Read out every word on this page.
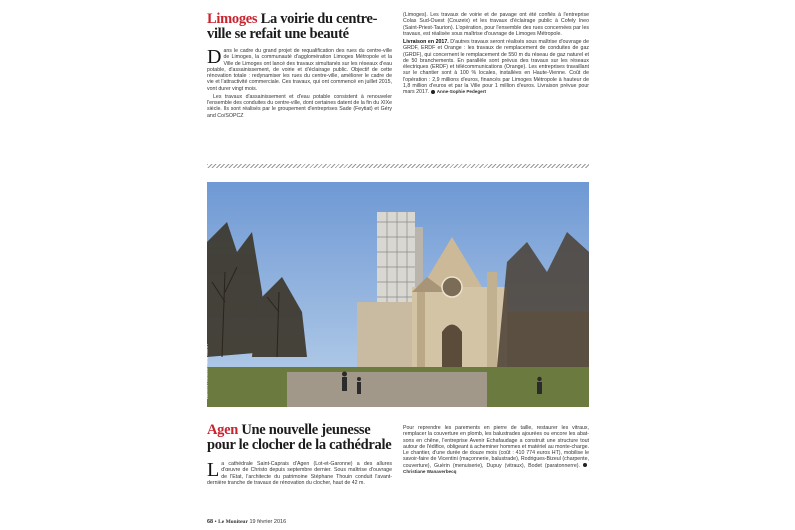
Limoges La voirie du centre-ville se refait une beauté

Dans le cadre du grand projet de requalification des rues du centre-ville de Limoges, la communauté d'agglomération Limoges Métropole et la Ville de Limoges ont lancé des travaux simultanés sur les réseaux d'eau potable, d'assainissement, de voirie et d'éclairage public. Objectif de cette rénovation totale : redynamiser les rues du centre-ville, améliorer le cadre de vie et l'attractivité commerciale. Ces travaux, qui ont commencé en juillet 2015, vont durer vingt mois.

Les travaux d'assainissement et d'eau potable consistent à renouveler l'ensemble des conduites du centre-ville, dont certaines datent de la fin du XIXe siècle. Ils sont réalisés par le groupement d'entreprises Sade (Feytiat) et Géry and Co/SOPCZ

(Limoges). Les travaux de voirie et de pavage ont été confiés à l'entreprise Colas Sud-Ouest (Couzeix) et les travaux d'éclairage public à Cofely Ineo (Saint-Priest-Taurion). L'opération, pour l'ensemble des rues concernées par les travaux, est réalisée sous maîtrise d'ouvrage de Limoges Métropole.

Livraison en 2017. D'autres travaux seront réalisés sous maîtrise d'ouvrage de GRDF, ERDF et Orange : les travaux de remplacement de conduites de gaz (GRDF), qui concernent le remplacement de 550 m du réseau de gaz naturel et de 50 branchements. En parallèle sont prévus des travaux sur les réseaux électriques (ERDF) et télécommunications (Orange). Les entreprises travaillant sur le chantier sont à 100 % locales, installées en Haute-Vienne. Coût de l'opération : 2,9 millions d'euros, financés par Limoges Métropole à hauteur de 1,8 million d'euros et par la Ville pour 1 million d'euros. Livraison prévue pour mars 2017. Anne-Sophie Pedegert

LAURENT DOULCET/SUD OUEST
Agen Une nouvelle jeunesse pour le clocher de la cathédrale

La cathédrale Saint-Caprais d'Agen (Lot-et-Garonne) a des allures d'œuvre de Christo depuis septembre dernier. Sous maîtrise d'ouvrage de l'Etat, l'architecte du patrimoine Stéphane Thouin conduit l'avant-dernière tranche de travaux de rénovation du clocher, haut de 42 m.

Pour reprendre les parements en pierre de taille, restaurer les vitraux, remplacer la couverture en plomb, les balustrades ajourées ou encore les abat-sons en chêne, l'entreprise Avenir Echafaudage a construit une structure tout autour de l'édifice, obligeant à acheminer hommes et matériel au monte-charge. Le chantier, d'une durée de douze mois (coût : 410 774 euros HT), mobilise le savoir-faire de Vicentini (maçonnerie, balustrade), Rodrigues-Bizeul (charpente, couverture), Guérin (menuiserie), Dupuy (vitraux), Bodet (paratonnerre). Christiane Wanaverbecq

68 • Le Moniteur 19 février 2016
